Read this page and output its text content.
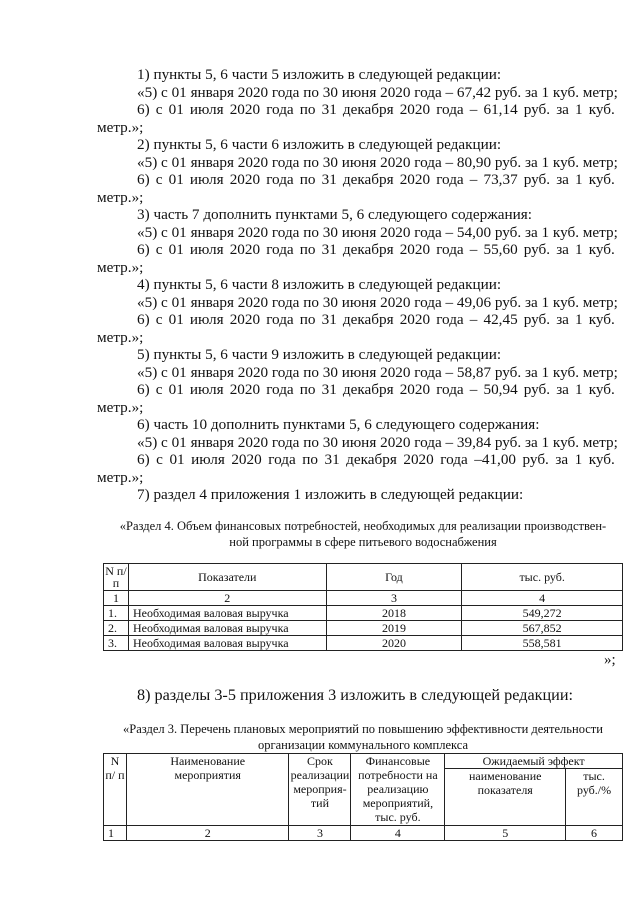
1) пункты 5, 6 части 5 изложить в следующей редакции:
«5) с 01 января 2020 года по 30 июня 2020 года – 67,42 руб. за 1 куб. метр;
6) с 01 июля 2020 года по 31 декабря 2020 года – 61,14 руб. за 1 куб.
метр.»;
2) пункты 5, 6 части 6 изложить в следующей редакции:
«5) с 01 января 2020 года по 30 июня 2020 года – 80,90 руб. за 1 куб. метр;
6) с 01 июля 2020 года по 31 декабря 2020 года – 73,37 руб. за 1 куб.
метр.»;
3) часть 7 дополнить пунктами 5, 6 следующего содержания:
«5) с 01 января 2020 года по 30 июня 2020 года – 54,00 руб. за 1 куб. метр;
6) с 01 июля 2020 года по 31 декабря 2020 года – 55,60 руб. за 1 куб.
метр.»;
4) пункты 5, 6 части 8 изложить в следующей редакции:
«5) с 01 января 2020 года по 30 июня 2020 года – 49,06 руб. за 1 куб. метр;
6) с 01 июля 2020 года по 31 декабря 2020 года – 42,45 руб. за 1 куб.
метр.»;
5) пункты 5, 6 части 9 изложить в следующей редакции:
«5) с 01 января 2020 года по 30 июня 2020 года – 58,87 руб. за 1 куб. метр;
6) с 01 июля 2020 года по 31 декабря 2020 года – 50,94 руб. за 1 куб.
метр.»;
6) часть 10 дополнить пунктами 5, 6 следующего содержания:
«5) с 01 января 2020 года по 30 июня 2020 года – 39,84 руб. за 1 куб. метр;
6) с 01 июля 2020 года по 31 декабря 2020 года –41,00 руб. за 1 куб.
метр.»;
7) раздел 4 приложения 1 изложить в следующей редакции:
«Раздел 4. Объем финансовых потребностей, необходимых для реализации производствен-
ной программы в сфере питьевого водоснабжения
N п/п	Показатели	Год	тыс. руб.
1	2	3	4
1.	Необходимая валовая выручка	2018	549,272
2.	Необходимая валовая выручка	2019	567,852
3.	Необходимая валовая выручка	2020	558,581
»;
8) разделы 3-5 приложения 3 изложить в следующей редакции:
«Раздел 3. Перечень плановых мероприятий по повышению эффективности деятельности
организации коммунального комплекса
N п/ п	Наименование мероприятия	Срок реализации мероприя- тий	Финансовые потребности на реализацию мероприятий, тыс. руб.	Ожидаемый эффект	
				наименование показателя	тыс. руб./%
1	2	3	4	5	6
